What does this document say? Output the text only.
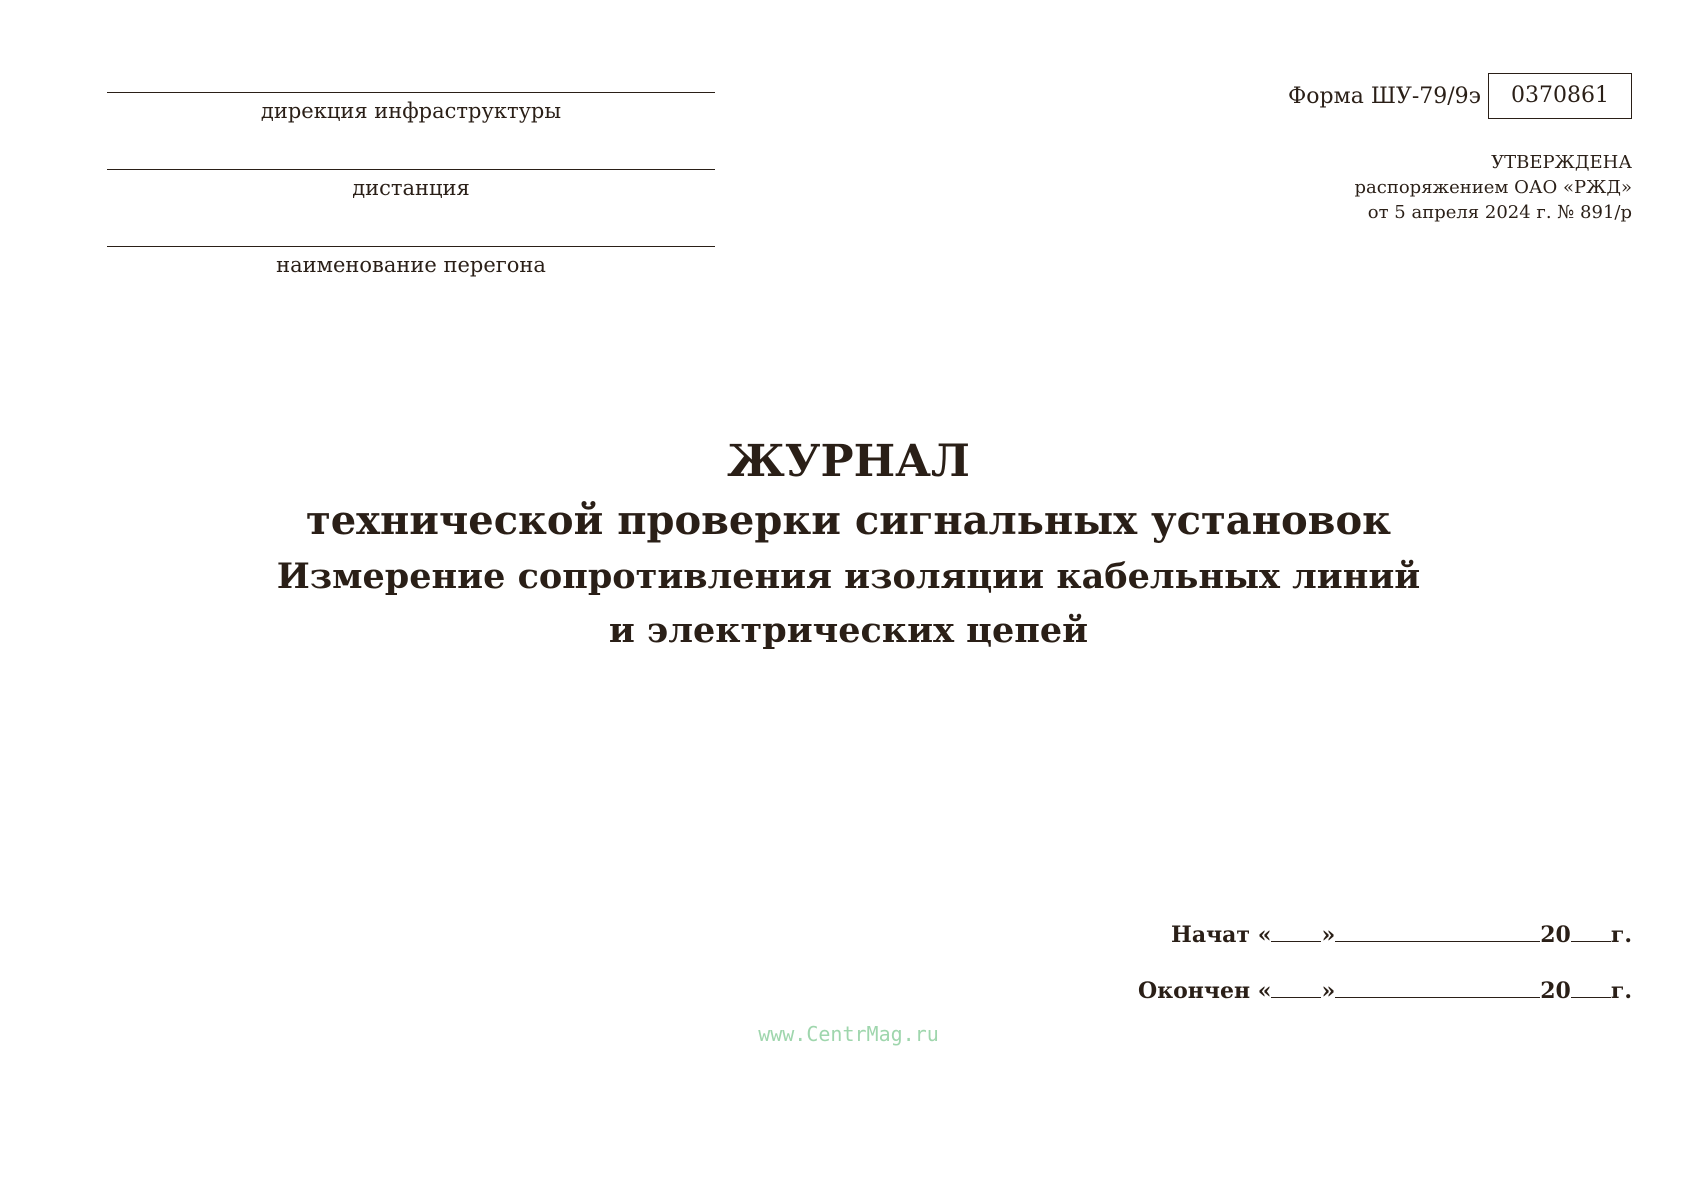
дирекция инфраструктуры
дистанция
наименование перегона
Форма ШУ-79/9э	0370861
УТВЕРЖДЕНА
распоряжением ОАО «РЖД»
от 5 апреля 2024 г. № 891/р
ЖУРНАЛ
технической проверки сигнальных установок
Измерение сопротивления изоляции кабельных линий
и электрических цепей
Начат « »	20 г.
Окончен « »	20 г.
www.CentrMag.ru
